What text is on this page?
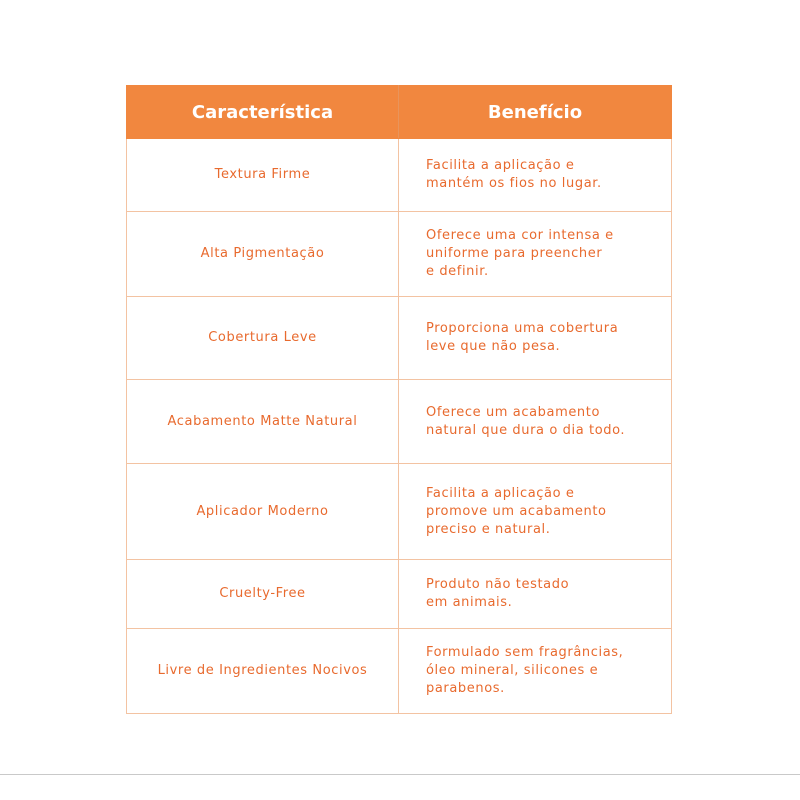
Característica	Benefício
Textura Firme	Facilita a aplicação e
mantém os fios no lugar.

Alta Pigmentação	Oferece uma cor intensa e
uniforme para preencher
e definir.

Cobertura Leve	Proporciona uma cobertura
leve que não pesa.

Acabamento Matte Natural	Oferece um acabamento
natural que dura o dia todo.

Aplicador Moderno	Facilita a aplicação e
promove um acabamento
preciso e natural.

Cruelty-Free	Produto não testado
em animais.

Livre de Ingredientes Nocivos	Formulado sem fragrâncias,
óleo mineral, silicones e
parabenos.
